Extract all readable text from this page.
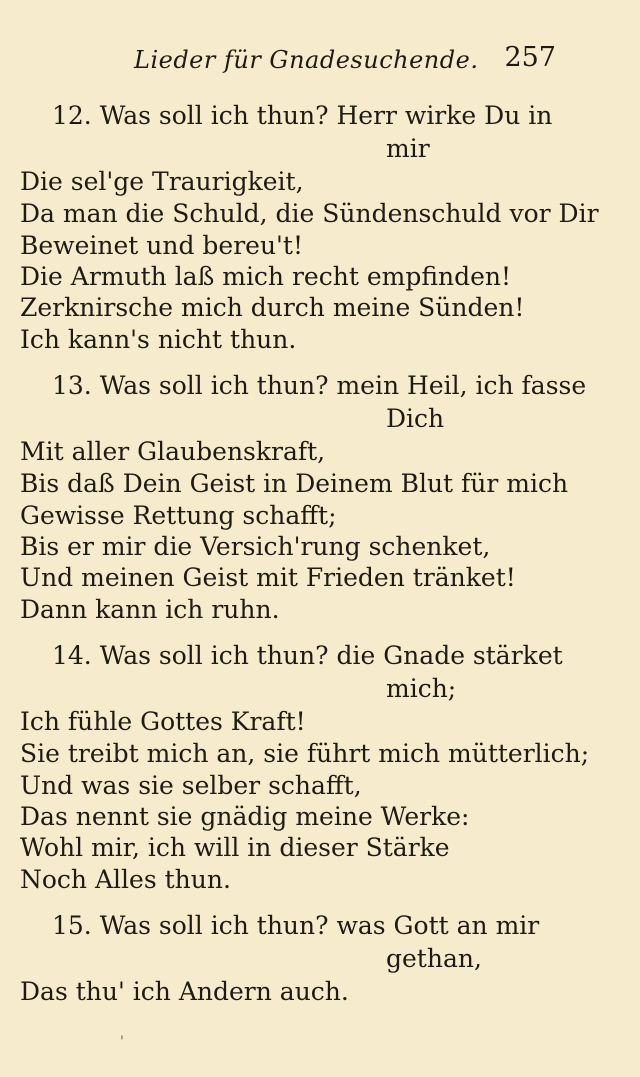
Lieder für Gnadesuchende. 257
12. Was soll ich thun? Herr wirke Du in
mir
Die sel'ge Traurigkeit,
Da man die Schuld, die Sündenschuld vor Dir
Beweinet und bereu't!
Die Armuth laß mich recht empfinden!
Zerknirsche mich durch meine Sünden!
Ich kann's nicht thun.
13. Was soll ich thun? mein Heil, ich fasse
Dich
Mit aller Glaubenskraft,
Bis daß Dein Geist in Deinem Blut für mich
Gewisse Rettung schafft;
Bis er mir die Versich'rung schenket,
Und meinen Geist mit Frieden tränket!
Dann kann ich ruhn.
14. Was soll ich thun? die Gnade stärket
mich;
Ich fühle Gottes Kraft!
Sie treibt mich an, sie führt mich mütterlich;
Und was sie selber schafft,
Das nennt sie gnädig meine Werke:
Wohl mir, ich will in dieser Stärke
Noch Alles thun.
15. Was soll ich thun? was Gott an mir
gethan,
Das thu' ich Andern auch.
'
